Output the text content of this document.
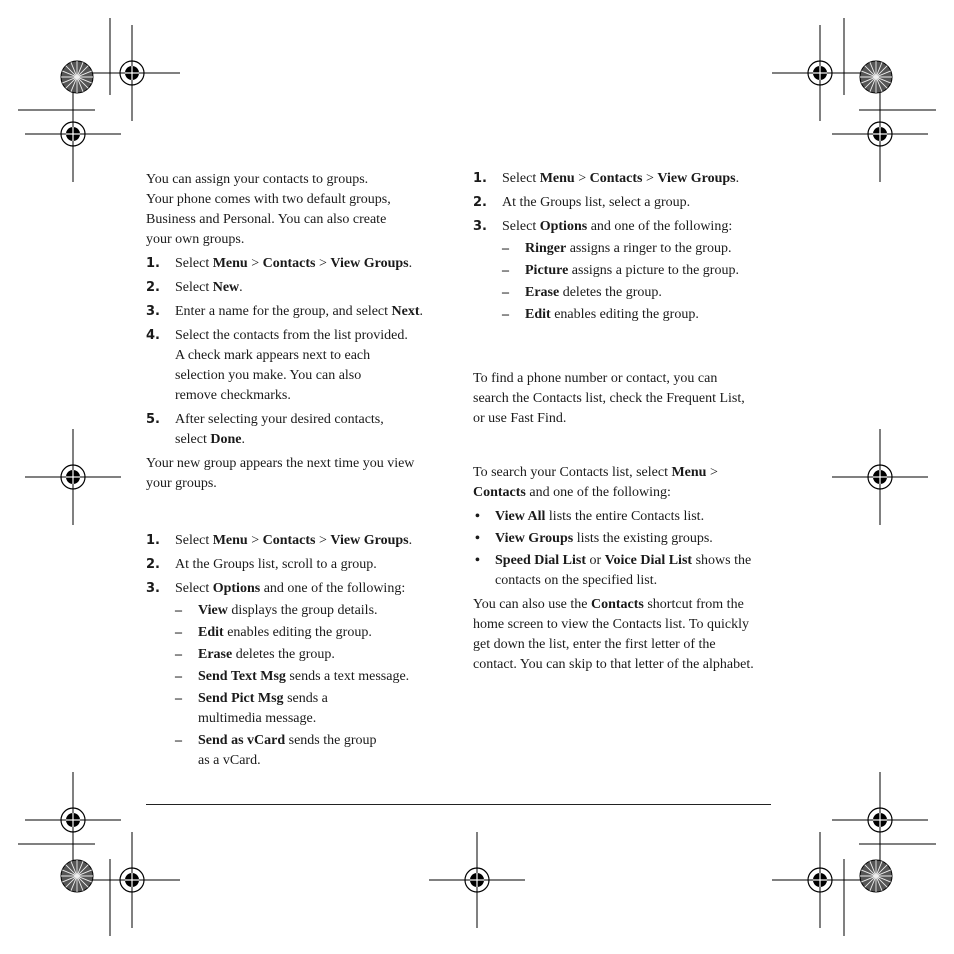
You can assign your contacts to groups.

Your phone comes with two default groups,

Business and Personal. You can also create

your own groups.

1. Select Menu > Contacts > View Groups.
2. Select New.
3. Enter a name for the group, and select Next.
4. Select the contacts from the list provided.
A check mark appears next to each
selection you make. You can also
remove checkmarks.
5. After selecting your desired contacts,
select Done.

Your new group appears the next time you view

your groups.

1. Select Menu > Contacts > View Groups.
2. At the Groups list, scroll to a group.
3. Select Options and one of the following:
– View displays the group details.
– Edit enables editing the group.
– Erase deletes the group.
– Send Text Msg sends a text message.
– Send Pict Msg sends a
multimedia message.
– Send as vCard sends the group
as a vCard.
1. Select Menu > Contacts > View Groups.
2. At the Groups list, select a group.
3. Select Options and one of the following:
– Ringer assigns a ringer to the group.
– Picture assigns a picture to the group.
– Erase deletes the group.
– Edit enables editing the group.

To find a phone number or contact, you can

search the Contacts list, check the Frequent List,

or use Fast Find.

To search your Contacts list, select Menu >
Contacts and one of the following:
• View All lists the entire Contacts list.
• View Groups lists the existing groups.
• Speed Dial List or Voice Dial List shows the
contacts on the specified list.
You can also use the Contacts shortcut from the
home screen to view the Contacts list. To quickly
get down the list, enter the first letter of the
contact. You can skip to that letter of the alphabet.
